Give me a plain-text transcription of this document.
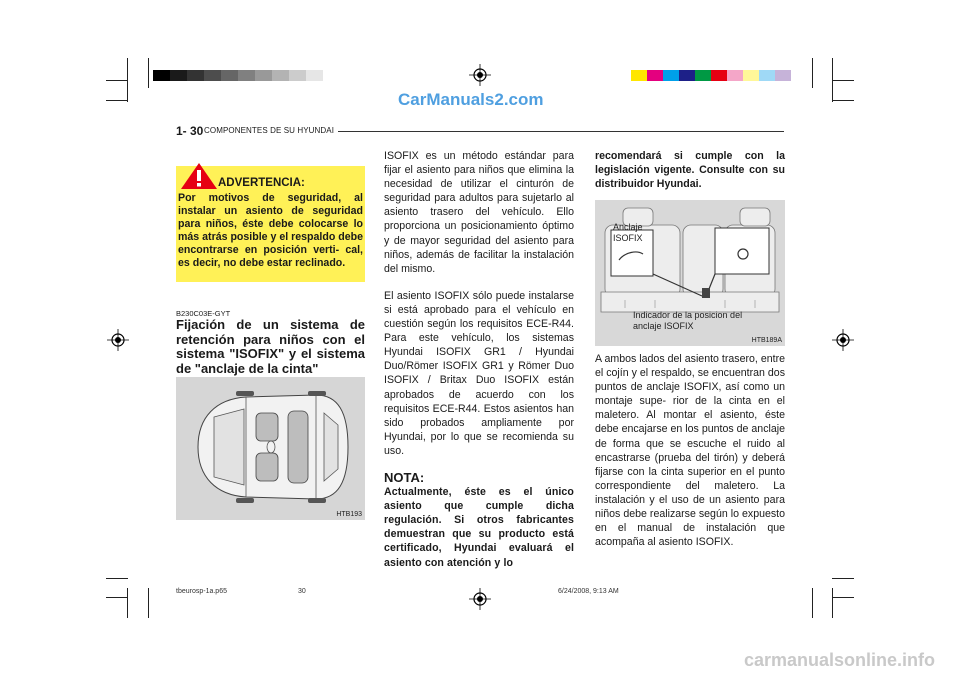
CarManuals2.com
1- 30 COMPONENTES DE SU HYUNDAI
ADVERTENCIA:
Por motivos de seguridad, al instalar un asiento de seguridad para niños, éste debe colocarse lo más atrás posible y el respaldo debe encontrarse en posición verti- cal, es decir, no debe estar reclinado.
B230C03E-GYT
Fijación de un sistema de retención para niños con el sistema "ISOFIX" y el sistema de "anclaje de la cinta"
HTB193

ISOFIX es un método estándar para fijar el asiento para niños que elimina la necesidad de utilizar el cinturón de seguridad para adultos para sujetarlo al asiento trasero del vehículo. Ello proporciona un posicionamiento óptimo y de mayor seguridad del asiento para niños, además de facilitar la instalación del mismo.

El asiento ISOFIX sólo puede instalarse si está aprobado para el vehículo en cuestión según los requisitos ECE-R44. Para este vehículo, los sistemas Hyundai ISOFIX GR1 / Hyundai Duo/Römer ISOFIX GR1 y Römer Duo ISOFIX / Britax Duo ISOFIX están aprobados de acuerdo con los requisitos ECE-R44. Estos asientos han sido probados ampliamente por Hyundai, por lo que se recomienda su uso.

NOTA:
Actualmente, éste es el único asiento que cumple dicha regulación. Si otros fabricantes demuestran que su producto está certificado, Hyundai evaluará el asiento con atención y lo

recomendará si cumple con la legislación vigente. Consulte con su distribuidor Hyundai.

Anclaje ISOFIX
Indicador de la posicion del anclaje ISOFIX
HTB189A
A ambos lados del asiento trasero, entre el cojín y el respaldo, se encuentran dos puntos de anclaje ISOFIX, así como un montaje supe- rior de la cinta en el maletero. Al montar el asiento, éste debe encajarse en los puntos de anclaje de forma que se escuche el ruido al encastrarse (prueba del tirón) y deberá fijarse con la cinta superior en el punto correspondiente del maletero. La instalación y el uso de un asiento para niños debe realizarse según lo expuesto en el manual de instalación que acompaña al asiento ISOFIX.
tbeurosp-1a.p65	30	6/24/2008, 9:13 AM
carmanualsonline.info
